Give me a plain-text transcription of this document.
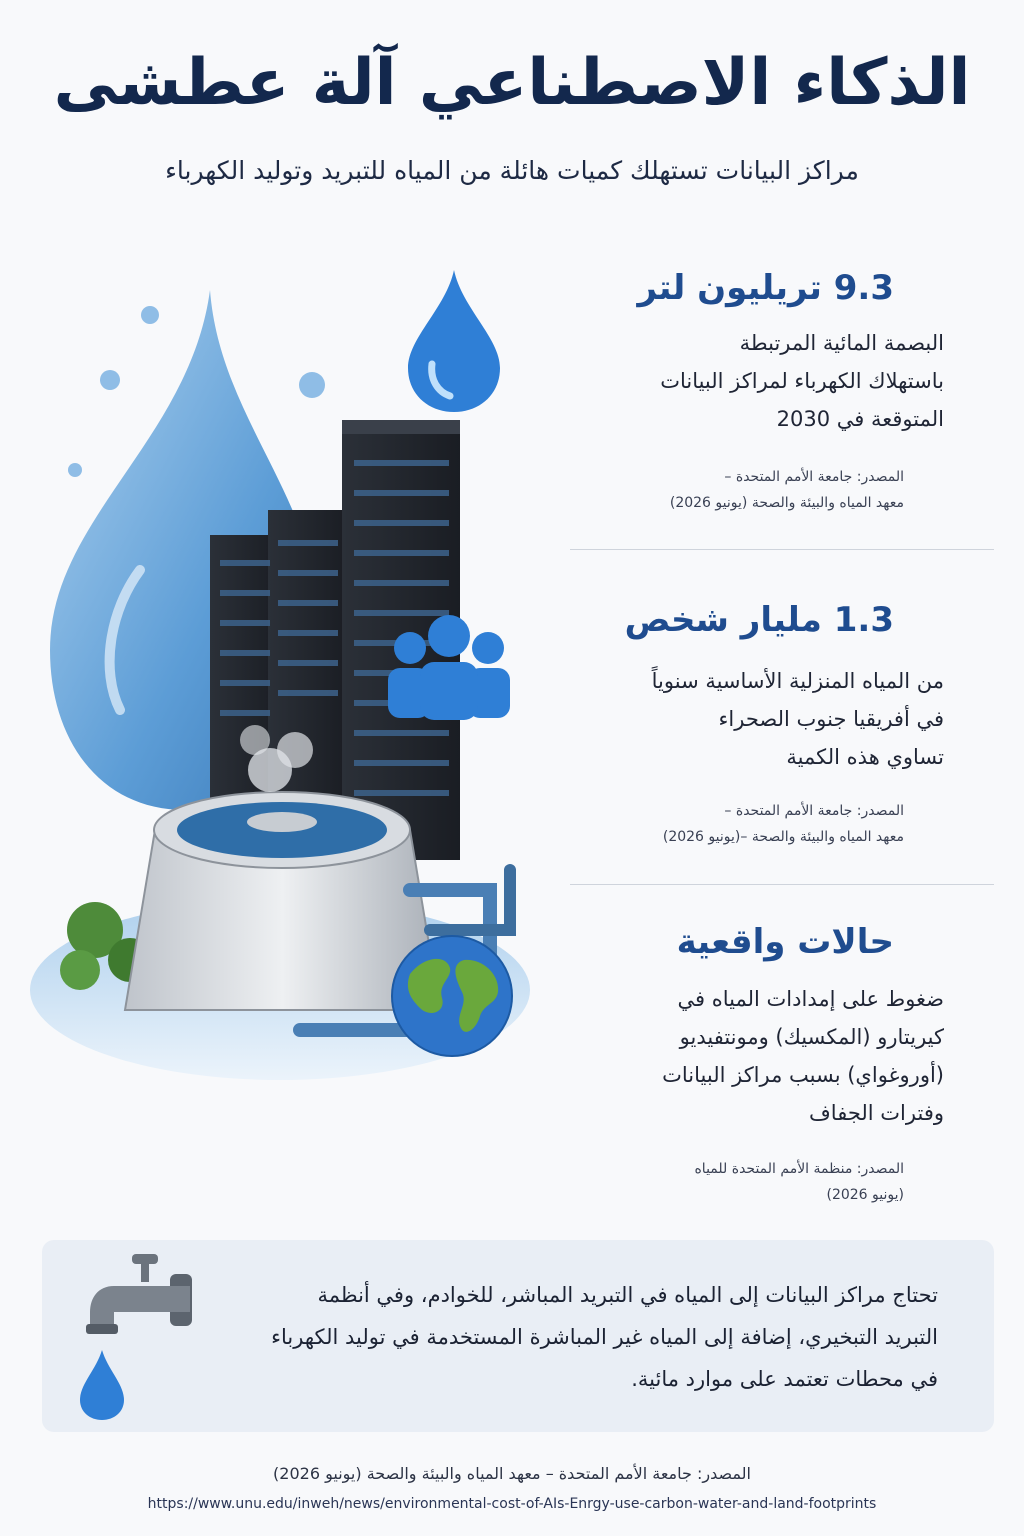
الذكاء الاصطناعي آلة عطشى
مراكز البيانات تستهلك كميات هائلة من المياه للتبريد وتوليد الكهرباء
9.3 تريليون لتر
البصمة المائية المرتبطة
باستهلاك الكهرباء لمراكز البيانات
المتوقعة في 2030
المصدر: جامعة الأمم المتحدة –
معهد المياه والبيئة والصحة (يونيو 2026)
1.3 مليار شخص
من المياه المنزلية الأساسية سنوياً
في أفريقيا جنوب الصحراء
تساوي هذه الكمية
المصدر: جامعة الأمم المتحدة –
معهد المياه والبيئة والصحة –(يونيو 2026)
حالات واقعية
ضغوط على إمدادات المياه في
كيريتارو (المكسيك) ومونتفيديو
(أوروغواي) بسبب مراكز البيانات
وفترات الجفاف
المصدر: منظمة الأمم المتحدة للمياه
(يونيو 2026)
تحتاج مراكز البيانات إلى المياه في التبريد المباشر، للخوادم، وفي أنظمة
التبريد التبخيري، إضافة إلى المياه غير المباشرة المستخدمة في توليد الكهرباء
في محطات تعتمد على موارد مائية.
المصدر: جامعة الأمم المتحدة – معهد المياه والبيئة والصحة (يونيو 2026)
https://www.unu.edu/inweh/news/environmental-cost-of-AIs-Enrgy-use-carbon-water-and-land-footprints
